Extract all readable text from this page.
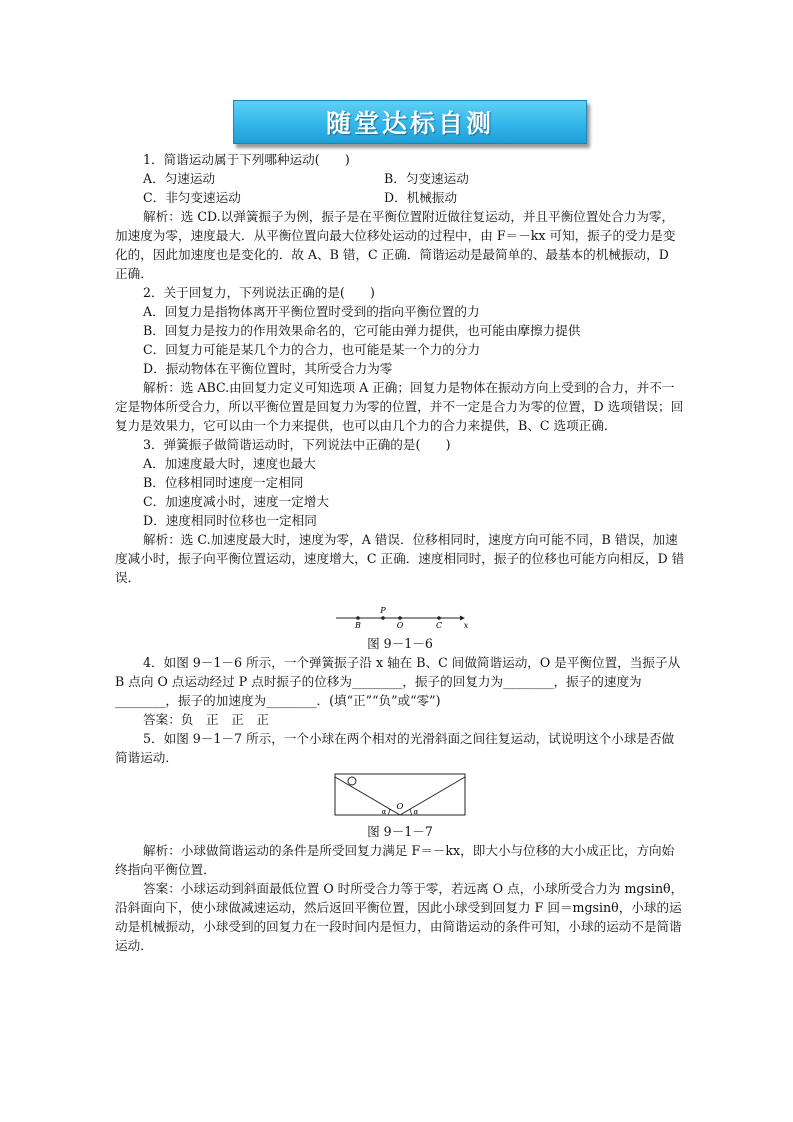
随堂达标自测

1．简谐运动属于下列哪种运动(　　)

A．匀速运动	B．匀变速运动
C．非匀变速运动	D．机械振动

解析：选 CD.以弹簧振子为例，振子是在平衡位置附近做往复运动，并且平衡位置处合力为零，加速度为零，速度最大．从平衡位置向最大位移处运动的过程中，由 F＝－kx 可知，振子的受力是变化的，因此加速度也是变化的．故 A、B 错，C 正确．简谐运动是最简单的、最基本的机械振动，D 正确．

2．关于回复力，下列说法正确的是(　　)

A．回复力是指物体离开平衡位置时受到的指向平衡位置的力

B．回复力是按力的作用效果命名的，它可能由弹力提供，也可能由摩擦力提供

C．回复力可能是某几个力的合力，也可能是某一个力的分力

D．振动物体在平衡位置时，其所受合力为零

解析：选 ABC.由回复力定义可知选项 A 正确；回复力是物体在振动方向上受到的合力，并不一定是物体所受合力，所以平衡位置是回复力为零的位置，并不一定是合力为零的位置，D 选项错误；回复力是效果力，它可以由一个力来提供，也可以由几个力的合力来提供，B、C 选项正确．

3．弹簧振子做简谐运动时，下列说法中正确的是(　　)

A．加速度最大时，速度也最大

B．位移相同时速度一定相同

C．加速度减小时，速度一定增大

D．速度相同时位移也一定相同

解析：选 C.加速度最大时，速度为零，A 错误．位移相同时，速度方向可能不同，B 错误，加速度减小时，振子向平衡位置运动，速度增大，C 正确．速度相同时，振子的位移也可能方向相反，D 错误．

P
B	O	C	x

图 9－1－6

4．如图 9－1－6 所示，一个弹簧振子沿 x 轴在 B、C 间做简谐运动，O 是平衡位置，当振子从 B 点向 O 点运动经过 P 点时振子的位移为________，振子的回复力为________，振子的速度为________，振子的加速度为________．(填“正”“负”或“零”)

答案：负　正　正　正

5．如图 9－1－7 所示，一个小球在两个相对的光滑斜面之间往复运动，试说明这个小球是否做简谐运动．

O
α	α

图 9－1－7

解析：小球做简谐运动的条件是所受回复力满足 F＝－kx，即大小与位移的大小成正比，方向始终指向平衡位置．

答案：小球运动到斜面最低位置 O 时所受合力等于零，若远离 O 点，小球所受合力为 mgsinθ，沿斜面向下，使小球做减速运动，然后返回平衡位置，因此小球受到回复力 F 回＝mgsinθ，小球的运动是机械振动，小球受到的回复力在一段时间内是恒力，由简谐运动的条件可知，小球的运动不是简谐运动．
